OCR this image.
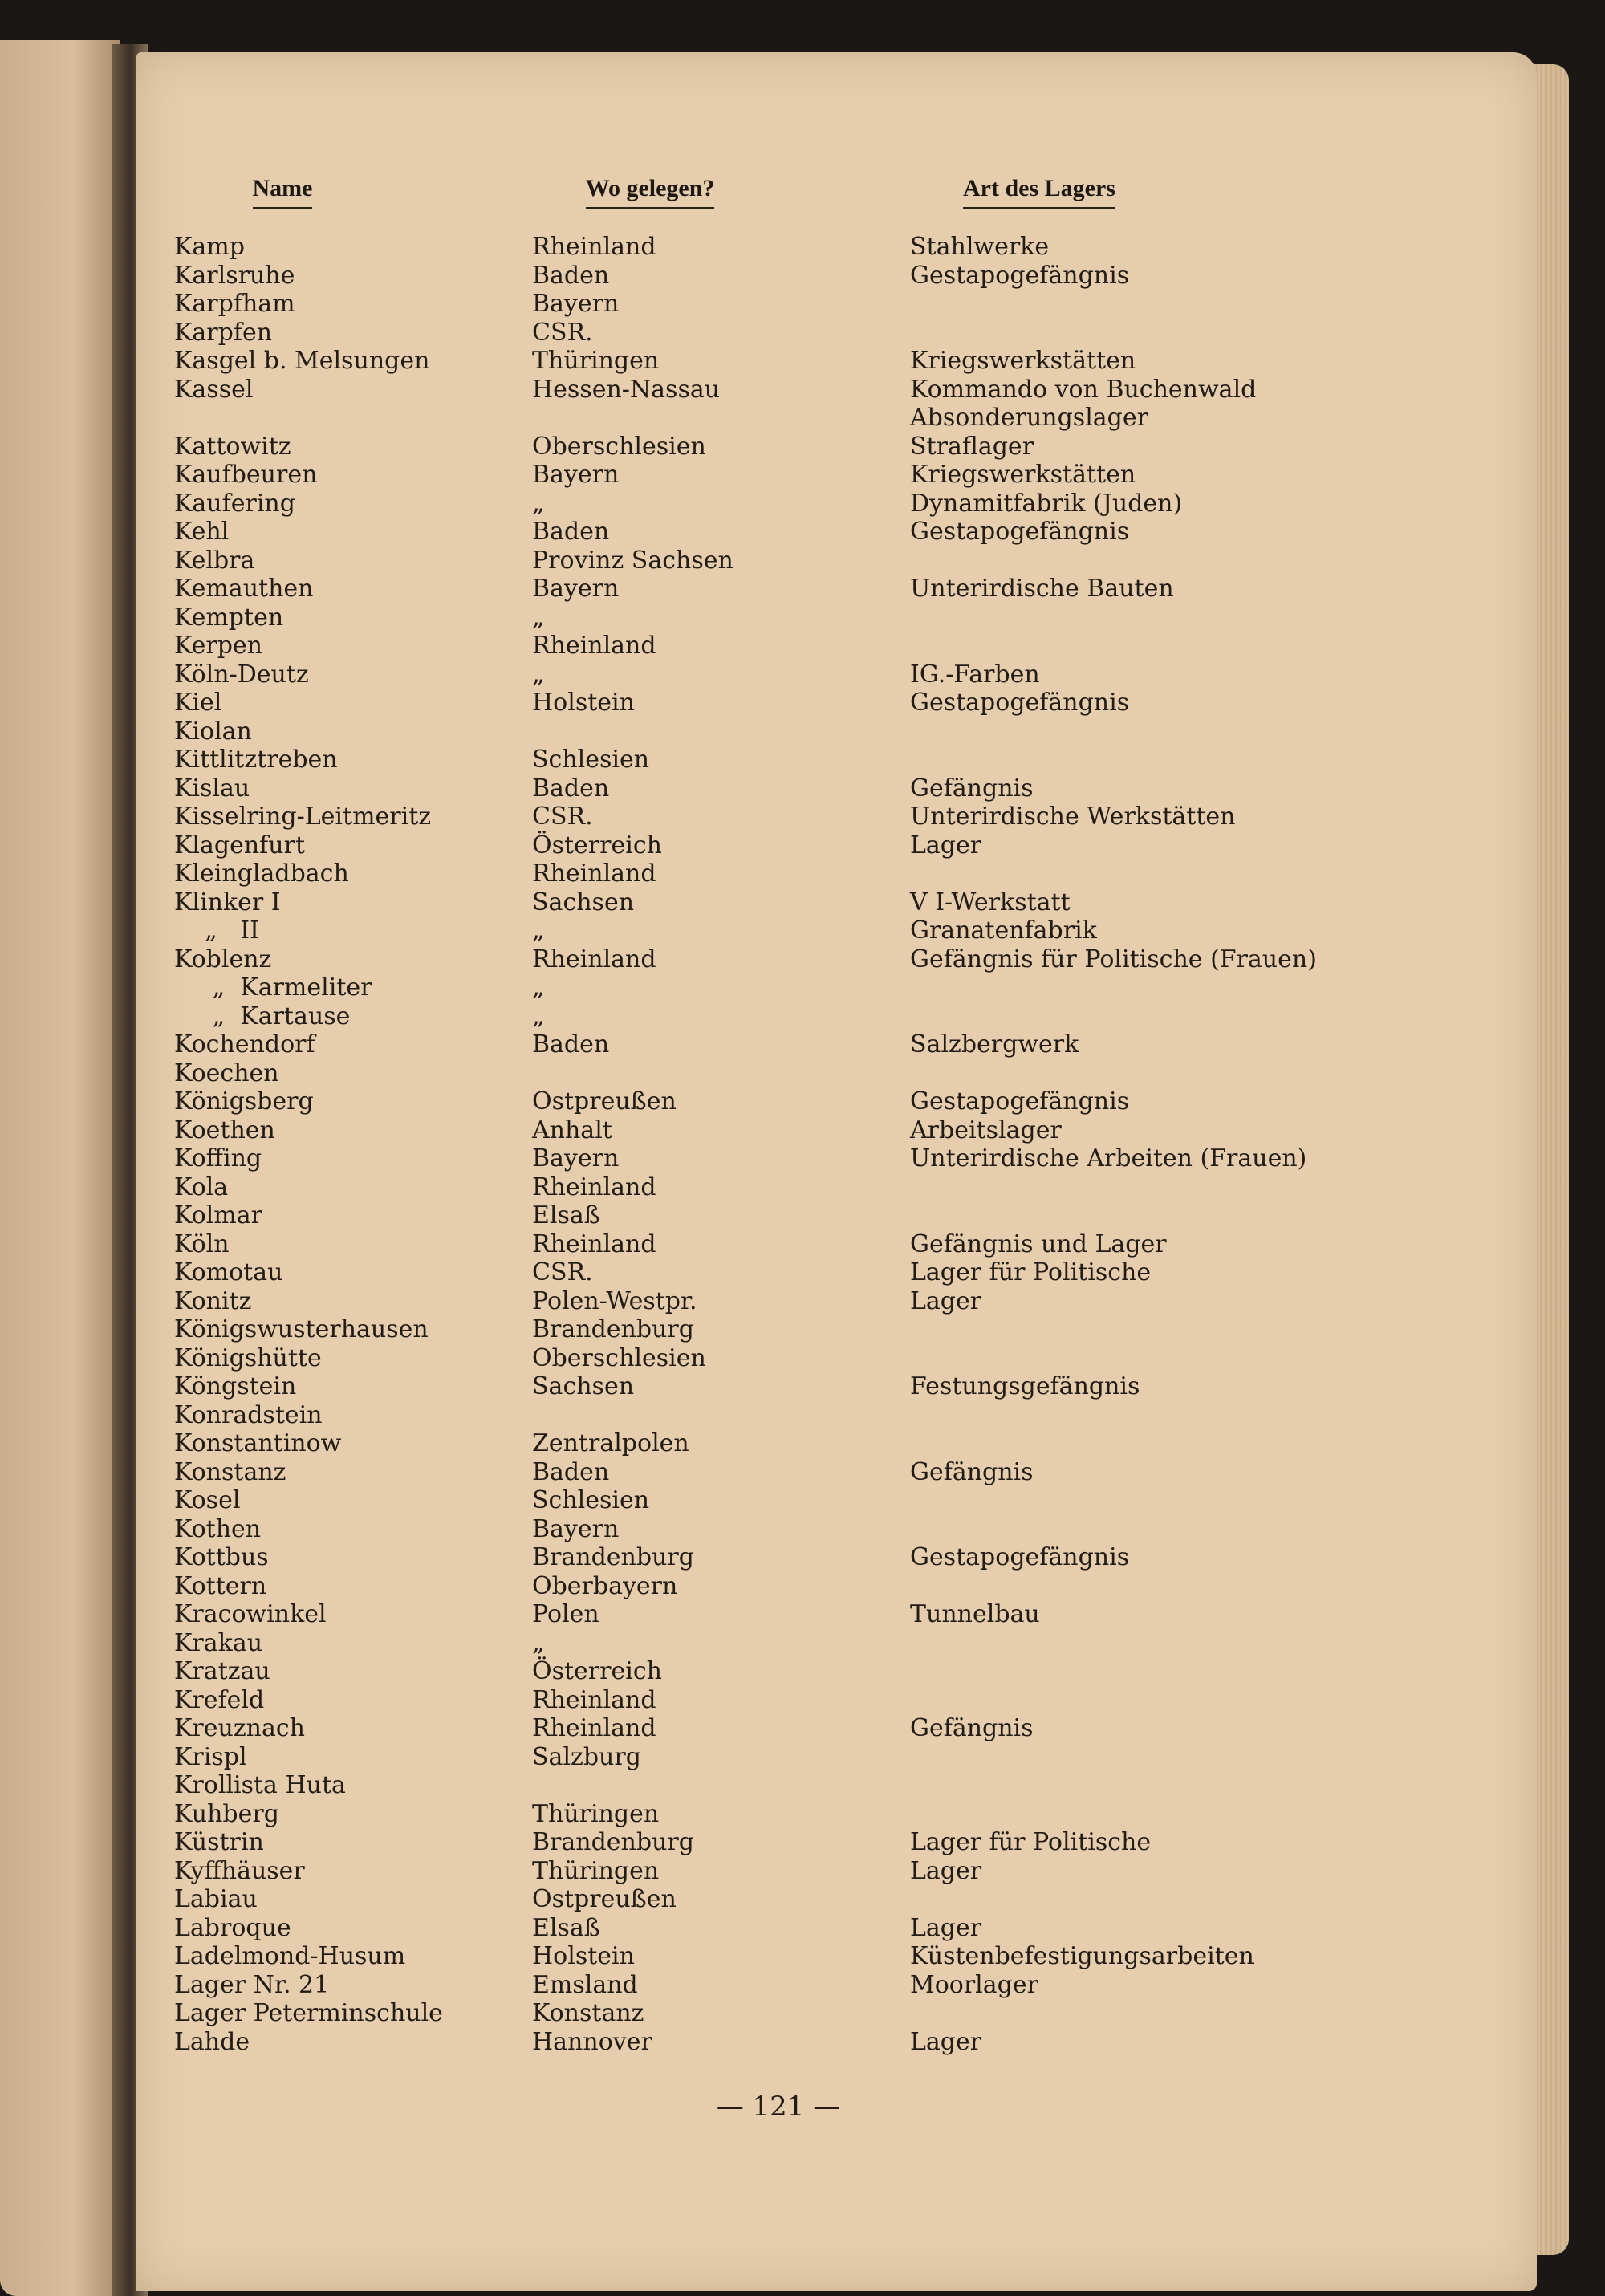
Name	Wo gelegen?	Art des Lagers
Kamp
Karlsruhe
Karpfham
Karpfen
Kasgel b. Melsungen
Kassel
Kattowitz
Kaufbeuren
Kaufering
Kehl
Kelbra
Kemauthen
Kempten
Kerpen
Köln-Deutz
Kiel
Kiolan
Kittlitztreben
Kislau
Kisselring-Leitmeritz
Klagenfurt
Kleingladbach
Klinker I
„   II
Koblenz
„  Karmeliter
„  Kartause
Kochendorf
Koechen
Königsberg
Koethen
Koffing
Kola
Kolmar
Köln
Komotau
Konitz
Königswusterhausen
Königshütte
Köngstein
Konradstein
Konstantinow
Konstanz
Kosel
Kothen
Kottbus
Kottern
Kracowinkel
Krakau
Kratzau
Krefeld
Kreuznach
Krispl
Krollista Huta
Kuhberg
Küstrin
Kyffhäuser
Labiau
Labroque
Ladelmond-Husum
Lager Nr. 21
Lager Peterminschule
Lahde
Rheinland
Baden
Bayern
CSR.
Thüringen
Hessen-Nassau
Oberschlesien
Bayern
„
Baden
Provinz Sachsen
Bayern
„
Rheinland
„
Holstein
Schlesien
Baden
CSR.
Österreich
Rheinland
Sachsen
„
Rheinland
„
„
Baden
Ostpreußen
Anhalt
Bayern
Rheinland
Elsaß
Rheinland
CSR.
Polen-Westpr.
Brandenburg
Oberschlesien
Sachsen
Zentralpolen
Baden
Schlesien
Bayern
Brandenburg
Oberbayern
Polen
„
Österreich
Rheinland
Rheinland
Salzburg
Thüringen
Brandenburg
Thüringen
Ostpreußen
Elsaß
Holstein
Emsland
Konstanz
Hannover
Stahlwerke
Gestapogefängnis
Kriegswerkstätten
Kommando von Buchenwald
Absonderungslager
Straflager
Kriegswerkstätten
Dynamitfabrik (Juden)
Gestapogefängnis
Unterirdische Bauten
IG.-Farben
Gestapogefängnis
Gefängnis
Unterirdische Werkstätten
Lager
V I-Werkstatt
Granatenfabrik
Gefängnis für Politische (Frauen)
Salzbergwerk
Gestapogefängnis
Arbeitslager
Unterirdische Arbeiten (Frauen)
Gefängnis und Lager
Lager für Politische
Lager
Festungsgefängnis
Gefängnis
Gestapogefängnis
Tunnelbau
Gefängnis
Lager für Politische
Lager
Lager
Küstenbefestigungsarbeiten
Moorlager
Lager
— 121 —
